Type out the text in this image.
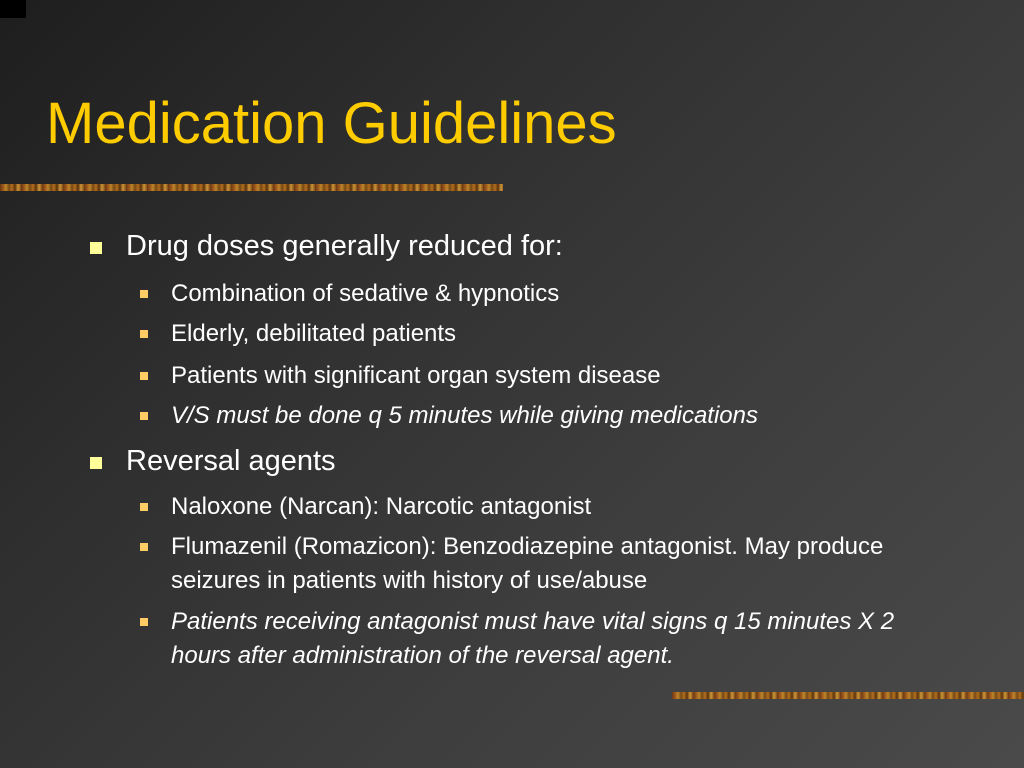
Medication Guidelines
Drug doses generally reduced for:
Combination of sedative & hypnotics
Elderly, debilitated patients
Patients with significant organ system disease
V/S must be done q 5 minutes while giving medications
Reversal agents
Naloxone (Narcan): Narcotic antagonist
Flumazenil (Romazicon): Benzodiazepine antagonist. May produce seizures in patients with history of use/abuse
Patients receiving antagonist must have vital signs q 15 minutes X 2 hours after administration of the reversal agent.
